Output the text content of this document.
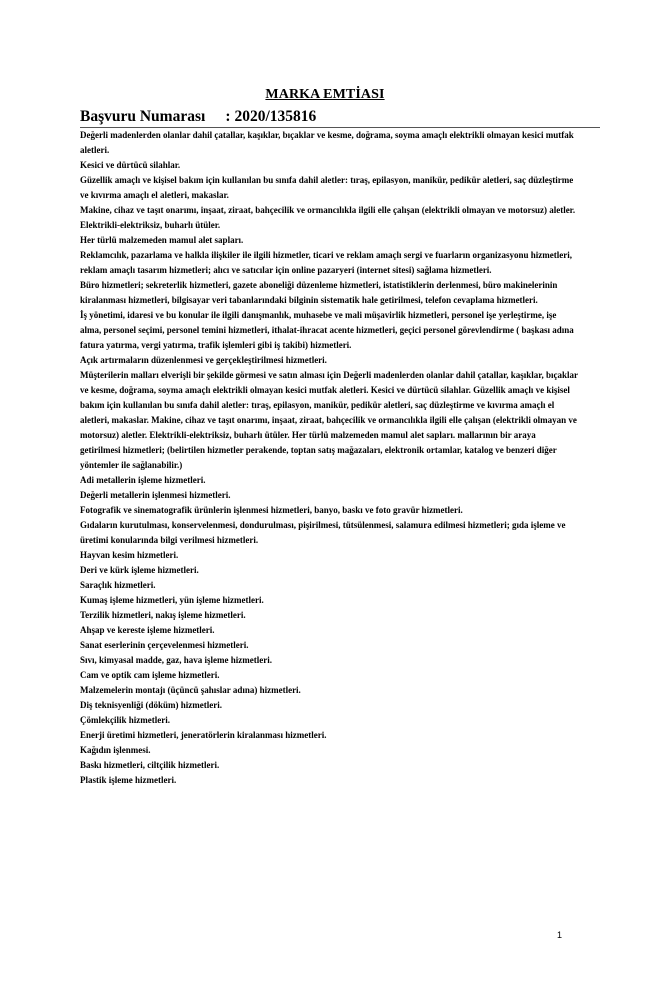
MARKA EMTİASI
Başvuru Numarası : 2020/135816

Değerli madenlerden olanlar dahil çatallar, kaşıklar, bıçaklar ve kesme, doğrama, soyma amaçlı elektrikli olmayan kesici mutfak aletleri.

Kesici ve dürtücü silahlar.

Güzellik amaçlı ve kişisel bakım için kullanılan bu sınıfa dahil aletler: tıraş, epilasyon, manikür, pedikür aletleri, saç düzleştirme ve kıvırma amaçlı el aletleri, makaslar.

Makine, cihaz ve taşıt onarımı, inşaat, ziraat, bahçecilik ve ormancılıkla ilgili elle çalışan (elektrikli olmayan ve motorsuz) aletler.

Elektrikli-elektriksiz, buharlı ütüler.

Her türlü malzemeden mamul alet sapları.

Reklamcılık, pazarlama ve halkla ilişkiler ile ilgili hizmetler, ticari ve reklam amaçlı sergi ve fuarların organizasyonu hizmetleri, reklam amaçlı tasarım hizmetleri; alıcı ve satıcılar için online pazaryeri (internet sitesi) sağlama hizmetleri.

Büro hizmetleri; sekreterlik hizmetleri, gazete aboneliği düzenleme hizmetleri, istatistiklerin derlenmesi, büro makinelerinin kiralanması hizmetleri, bilgisayar veri tabanlarındaki bilginin sistematik hale getirilmesi, telefon cevaplama hizmetleri.

İş yönetimi, idaresi ve bu konular ile ilgili danışmanlık, muhasebe ve mali müşavirlik hizmetleri, personel işe yerleştirme, işe alma, personel seçimi, personel temini hizmetleri, ithalat-ihracat acente hizmetleri, geçici personel görevlendirme ( başkası adına fatura yatırma, vergi yatırma, trafik işlemleri gibi iş takibi) hizmetleri.

Açık artırmaların düzenlenmesi ve gerçekleştirilmesi hizmetleri.

Müşterilerin malları elverişli bir şekilde görmesi ve satın alması için Değerli madenlerden olanlar dahil çatallar, kaşıklar, bıçaklar ve kesme, doğrama, soyma amaçlı elektrikli olmayan kesici mutfak aletleri. Kesici ve dürtücü silahlar. Güzellik amaçlı ve kişisel bakım için kullanılan bu sınıfa dahil aletler: tıraş, epilasyon, manikür, pedikür aletleri, saç düzleştirme ve kıvırma amaçlı el aletleri, makaslar. Makine, cihaz ve taşıt onarımı, inşaat, ziraat, bahçecilik ve ormancılıkla ilgili elle çalışan (elektrikli olmayan ve motorsuz) aletler. Elektrikli-elektriksiz, buharlı ütüler. Her türlü malzemeden mamul alet sapları. mallarının bir araya getirilmesi hizmetleri; (belirtilen hizmetler perakende, toptan satış mağazaları, elektronik ortamlar, katalog ve benzeri diğer yöntemler ile sağlanabilir.)

Adi metallerin işleme hizmetleri.

Değerli metallerin işlenmesi hizmetleri.

Fotografik ve sinematografik ürünlerin işlenmesi hizmetleri, banyo, baskı ve foto gravür hizmetleri.

Gıdaların kurutulması, konservelenmesi, dondurulması, pişirilmesi, tütsülenmesi, salamura edilmesi hizmetleri; gıda işleme ve üretimi konularında bilgi verilmesi hizmetleri.

Hayvan kesim hizmetleri.

Deri ve kürk işleme hizmetleri.

Saraçlık hizmetleri.

Kumaş işleme hizmetleri, yün işleme hizmetleri.

Terzilik hizmetleri, nakış işleme hizmetleri.

Ahşap ve kereste işleme hizmetleri.

Sanat eserlerinin çerçevelenmesi hizmetleri.

Sıvı, kimyasal madde, gaz, hava işleme hizmetleri.

Cam ve optik cam işleme hizmetleri.

Malzemelerin montajı (üçüncü şahıslar adına) hizmetleri.

Diş teknisyenliği (döküm) hizmetleri.

Çömlekçilik hizmetleri.

Enerji üretimi hizmetleri, jeneratörlerin kiralanması hizmetleri.

Kağıdın işlenmesi.

Baskı hizmetleri, ciltçilik hizmetleri.

Plastik işleme hizmetleri.

1
